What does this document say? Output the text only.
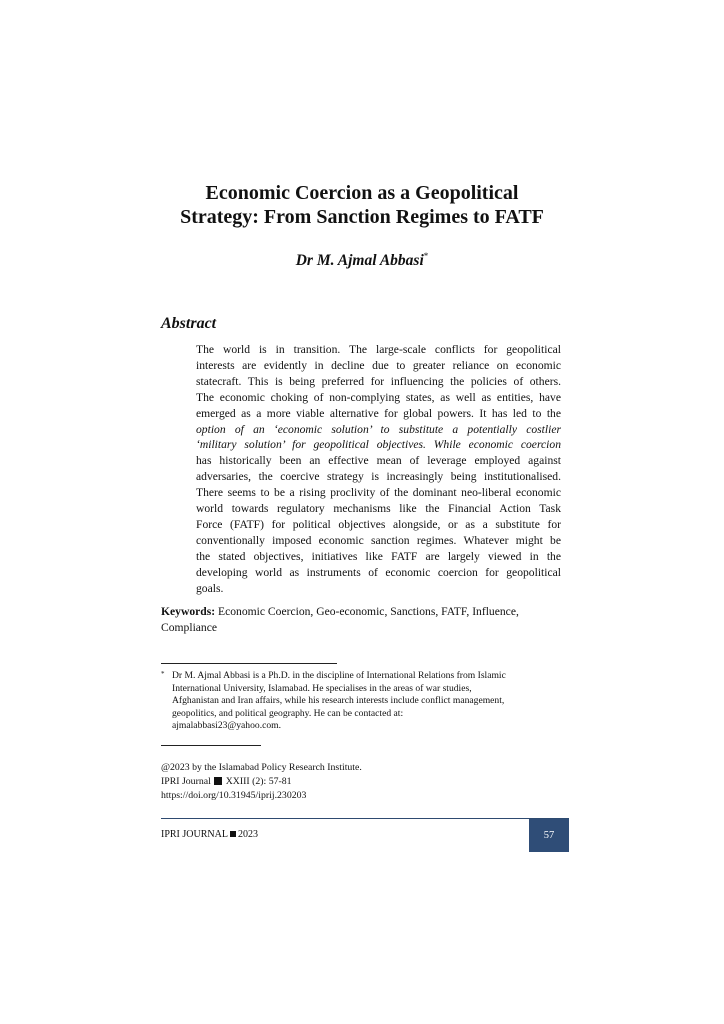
Economic Coercion as a Geopolitical
Strategy: From Sanction Regimes to FATF
Dr M. Ajmal Abbasi*
Abstract
The world is in transition. The large-scale conflicts for geopolitical
interests are evidently in decline due to greater reliance on economic
statecraft. This is being preferred for influencing the policies of others.
The economic choking of non-complying states, as well as entities, have
emerged as a more viable alternative for global powers. It has led to the
option of an ‘economic solution’ to substitute a potentially costlier
‘military solution’ for geopolitical objectives. While economic coercion
has historically been an effective mean of leverage employed against
adversaries, the coercive strategy is increasingly being institutionalised.
There seems to be a rising proclivity of the dominant neo-liberal economic
world towards regulatory mechanisms like the Financial Action Task
Force (FATF) for political objectives alongside, or as a substitute for
conventionally imposed economic sanction regimes. Whatever might be
the stated objectives, initiatives like FATF are largely viewed in the
developing world as instruments of economic coercion for geopolitical
goals.
Keywords: Economic Coercion, Geo-economic, Sanctions, FATF, Influence,
Compliance
* Dr M. Ajmal Abbasi is a Ph.D. in the discipline of International Relations from Islamic
International University, Islamabad. He specialises in the areas of war studies,
Afghanistan and Iran affairs, while his research interests include conflict management,
geopolitics, and political geography. He can be contacted at:
ajmalabbasi23@yahoo.com.
@2023 by the Islamabad Policy Research Institute.
IPRI Journal XXIII (2): 57-81
https://doi.org/10.31945/iprij.230203
IPRI JOURNAL 2023	57
